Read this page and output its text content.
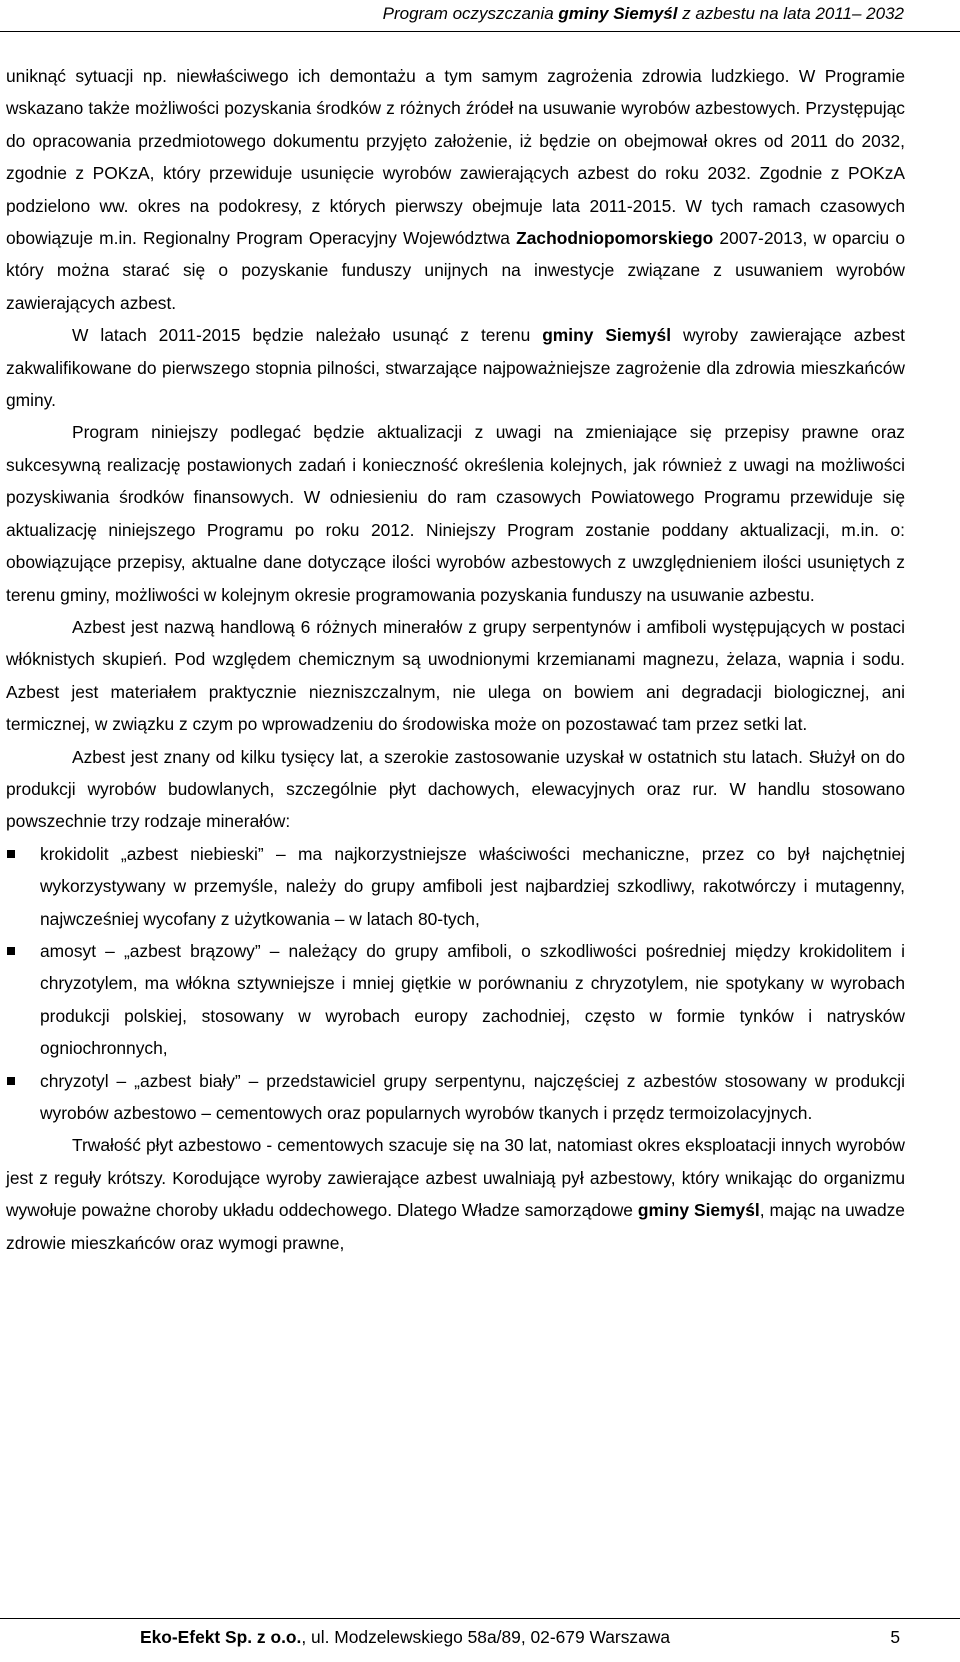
Program oczyszczania gminy Siemyśl z azbestu na lata 2011– 2032

uniknąć sytuacji np. niewłaściwego ich demontażu a tym samym zagrożenia zdrowia ludzkiego. W Programie wskazano także możliwości pozyskania środków z różnych źródeł na usuwanie wyrobów azbestowych. Przystępując do opracowania przedmiotowego dokumentu przyjęto założenie, iż będzie on obejmował okres od 2011 do 2032, zgodnie z POKzA, który przewiduje usunięcie wyrobów zawierających azbest do roku 2032. Zgodnie z POKzA podzielono ww. okres na podokresy, z których pierwszy obejmuje lata 2011-2015. W tych ramach czasowych obowiązuje m.in. Regionalny Program Operacyjny Województwa Zachodniopomorskiego 2007-2013, w oparciu o który można starać się o pozyskanie funduszy unijnych na inwestycje związane z usuwaniem wyrobów zawierających azbest.

W latach 2011-2015 będzie należało usunąć z terenu gminy Siemyśl wyroby zawierające azbest zakwalifikowane do pierwszego stopnia pilności, stwarzające najpoważniejsze zagrożenie dla zdrowia mieszkańców gminy.

Program niniejszy podlegać będzie aktualizacji z uwagi na zmieniające się przepisy prawne oraz sukcesywną realizację postawionych zadań i konieczność określenia kolejnych, jak również z uwagi na możliwości pozyskiwania środków finansowych. W odniesieniu do ram czasowych Powiatowego Programu przewiduje się aktualizację niniejszego Programu po roku 2012. Niniejszy Program zostanie poddany aktualizacji, m.in. o: obowiązujące przepisy, aktualne dane dotyczące ilości wyrobów azbestowych z uwzględnieniem ilości usuniętych z terenu gminy, możliwości w kolejnym okresie programowania pozyskania funduszy na usuwanie azbestu.

Azbest jest nazwą handlową 6 różnych minerałów z grupy serpentynów i amfiboli występujących w postaci włóknistych skupień. Pod względem chemicznym są uwodnionymi krzemianami magnezu, żelaza, wapnia i sodu. Azbest jest materiałem praktycznie niezniszczalnym, nie ulega on bowiem ani degradacji biologicznej, ani termicznej, w związku z czym po wprowadzeniu do środowiska może on pozostawać tam przez setki lat.

Azbest jest znany od kilku tysięcy lat, a szerokie zastosowanie uzyskał w ostatnich stu latach. Służył on do produkcji wyrobów budowlanych, szczególnie płyt dachowych, elewacyjnych oraz rur. W handlu stosowano powszechnie trzy rodzaje minerałów:

krokidolit „azbest niebieski” – ma najkorzystniejsze właściwości mechaniczne, przez co był najchętniej wykorzystywany w przemyśle, należy do grupy amfiboli jest najbardziej szkodliwy, rakotwórczy i mutagenny, najwcześniej wycofany z użytkowania – w latach 80-tych,
amosyt – „azbest brązowy” – należący do grupy amfiboli, o szkodliwości pośredniej między krokidolitem i chryzotylem, ma włókna sztywniejsze i mniej giętkie w porównaniu z chryzotylem, nie spotykany w wyrobach produkcji polskiej, stosowany w wyrobach europy zachodniej, często w formie tynków i natrysków ogniochronnych,
chryzotyl – „azbest biały” – przedstawiciel grupy serpentynu, najczęściej z azbestów stosowany w produkcji wyrobów azbestowo – cementowych oraz popularnych wyrobów tkanych i przędz termoizolacyjnych.

Trwałość płyt azbestowo - cementowych szacuje się na 30 lat, natomiast okres eksploatacji innych wyrobów jest z reguły krótszy. Korodujące wyroby zawierające azbest uwalniają pył azbestowy, który wnikając do organizmu wywołuje poważne choroby układu oddechowego. Dlatego Władze samorządowe gminy Siemyśl, mając na uwadze zdrowie mieszkańców oraz wymogi prawne,

Eko-Efekt Sp. z o.o., ul. Modzelewskiego 58a/89, 02-679 Warszawa	5
